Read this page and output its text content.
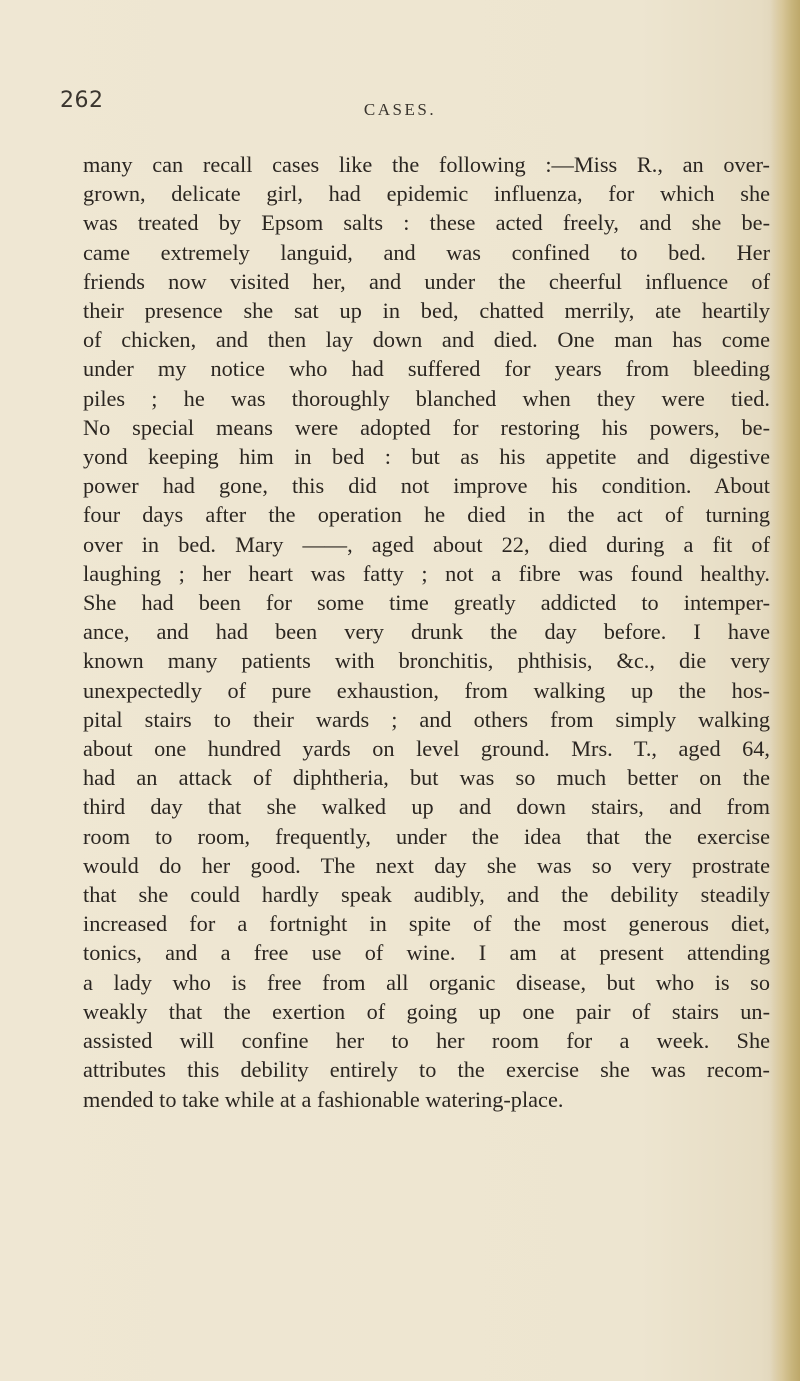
262	CASES.
many can recall cases like the following :—Miss R., an over-
grown, delicate girl, had epidemic influenza, for which she
was treated by Epsom salts : these acted freely, and she be-
came extremely languid, and was confined to bed. Her
friends now visited her, and under the cheerful influence of
their presence she sat up in bed, chatted merrily, ate heartily
of chicken, and then lay down and died. One man has come
under my notice who had suffered for years from bleeding
piles ; he was thoroughly blanched when they were tied.
No special means were adopted for restoring his powers, be-
yond keeping him in bed : but as his appetite and digestive
power had gone, this did not improve his condition. About
four days after the operation he died in the act of turning
over in bed. Mary ——, aged about 22, died during a fit of
laughing ; her heart was fatty ; not a fibre was found healthy.
She had been for some time greatly addicted to intemper-
ance, and had been very drunk the day before. I have
known many patients with bronchitis, phthisis, &c., die very
unexpectedly of pure exhaustion, from walking up the hos-
pital stairs to their wards ; and others from simply walking
about one hundred yards on level ground. Mrs. T., aged 64,
had an attack of diphtheria, but was so much better on the
third day that she walked up and down stairs, and from
room to room, frequently, under the idea that the exercise
would do her good. The next day she was so very prostrate
that she could hardly speak audibly, and the debility steadily
increased for a fortnight in spite of the most generous diet,
tonics, and a free use of wine. I am at present attending
a lady who is free from all organic disease, but who is so
weakly that the exertion of going up one pair of stairs un-
assisted will confine her to her room for a week. She
attributes this debility entirely to the exercise she was recom-
mended to take while at a fashionable watering-place.
